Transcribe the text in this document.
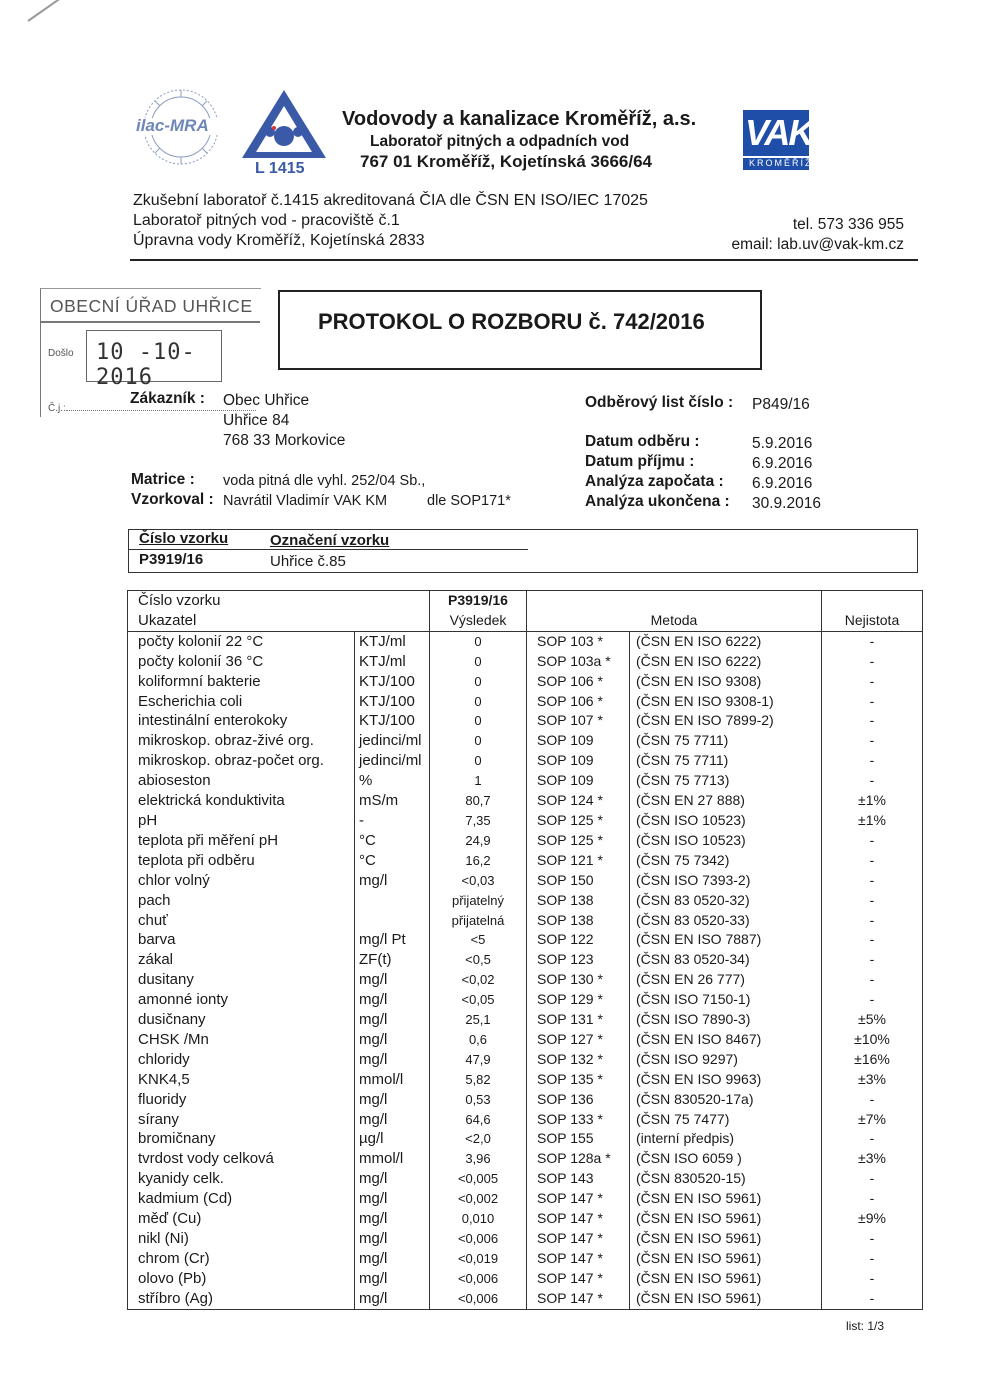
ilac-MRA
L 1415
Vodovody a kanalizace Kroměříž, a.s.
Laboratoř pitných a odpadních vod
767 01 Kroměříž, Kojetínská 3666/64
VAK
KROMĚŘÍŽ
Zkušební laboratoř č.1415 akreditovaná ČIA dle ČSN EN ISO/IEC 17025
Laboratoř pitných vod - pracoviště č.1
Úpravna vody Kroměříž, Kojetínská 2833
tel. 573 336 955
email: lab.uv@vak-km.cz
OBECNÍ ÚŘAD UHŘICE
Došlo 10 -10- 2016
Č.j.:
PROTOKOL O ROZBORU č. 742/2016
Zákazník : Obec Uhřice
Uhřice 84
768 33 Morkovice
Matrice : voda pitná dle vyhl. 252/04 Sb.,
Vzorkoval : Navrátil Vladimír VAK KM	dle SOP171*
Odběrový list číslo : P849/16
Datum odběru :	5.9.2016
Datum příjmu :	6.9.2016
Analýza započata : 6.9.2016
Analýza ukončena : 30.9.2016
Číslo vzorku	Označení vzorku
P3919/16	Uhřice č.85
Číslo vzorku		P3919/16			
Ukazatel		Výsledek	Metoda		Nejistota
počty kolonií 22 °C	KTJ/ml	0	SOP 103 *	(ČSN EN ISO 6222)	-
počty kolonií 36 °C	KTJ/ml	0	SOP 103a *	(ČSN EN ISO 6222)	-
koliformní bakterie	KTJ/100	0	SOP 106 *	(ČSN EN ISO 9308)	-
Escherichia coli	KTJ/100	0	SOP 106 *	(ČSN EN ISO 9308-1)	-
intestinální enterokoky	KTJ/100	0	SOP 107 *	(ČSN EN ISO 7899-2)	-
mikroskop. obraz-živé org.	jedinci/ml	0	SOP 109	(ČSN 75 7711)	-
mikroskop. obraz-počet org.	jedinci/ml	0	SOP 109	(ČSN 75 7711)	-
abioseston	%	1	SOP 109	(ČSN 75 7713)	-
elektrická konduktivita	mS/m	80,7	SOP 124 *	(ČSN EN 27 888)	±1%
pH	-	7,35	SOP 125 *	(ČSN ISO 10523)	±1%
teplota při měření pH	°C	24,9	SOP 125 *	(ČSN ISO 10523)	-
teplota při odběru	°C	16,2	SOP 121 *	(ČSN 75 7342)	-
chlor volný	mg/l	<0,03	SOP 150	(ČSN ISO 7393-2)	-
pach		přijatelný	SOP 138	(ČSN 83 0520-32)	-
chuť		přijatelná	SOP 138	(ČSN 83 0520-33)	-
barva	mg/l Pt	<5	SOP 122	(ČSN EN ISO 7887)	-
zákal	ZF(t)	<0,5	SOP 123	(ČSN 83 0520-34)	-
dusitany	mg/l	<0,02	SOP 130 *	(ČSN EN 26 777)	-
amonné ionty	mg/l	<0,05	SOP 129 *	(ČSN ISO 7150-1)	-
dusičnany	mg/l	25,1	SOP 131 *	(ČSN ISO 7890-3)	±5%
CHSK /Mn	mg/l	0,6	SOP 127 *	(ČSN EN ISO 8467)	±10%
chloridy	mg/l	47,9	SOP 132 *	(ČSN ISO 9297)	±16%
KNK4,5	mmol/l	5,82	SOP 135 *	(ČSN EN ISO 9963)	±3%
fluoridy	mg/l	0,53	SOP 136	(ČSN 830520-17a)	-
sírany	mg/l	64,6	SOP 133 *	(ČSN 75 7477)	±7%
bromičnany	µg/l	<2,0	SOP 155	(interní předpis)	-
tvrdost vody celková	mmol/l	3,96	SOP 128a *	(ČSN ISO 6059 )	±3%
kyanidy celk.	mg/l	<0,005	SOP 143	(ČSN 830520-15)	-
kadmium (Cd)	mg/l	<0,002	SOP 147 *	(ČSN EN ISO 5961)	-
měď (Cu)	mg/l	0,010	SOP 147 *	(ČSN EN ISO 5961)	±9%
nikl (Ni)	mg/l	<0,006	SOP 147 *	(ČSN EN ISO 5961)	-
chrom (Cr)	mg/l	<0,019	SOP 147 *	(ČSN EN ISO 5961)	-
olovo (Pb)	mg/l	<0,006	SOP 147 *	(ČSN EN ISO 5961)	-
stříbro (Ag)	mg/l	<0,006	SOP 147 *	(ČSN EN ISO 5961)	-
list: 1/3
